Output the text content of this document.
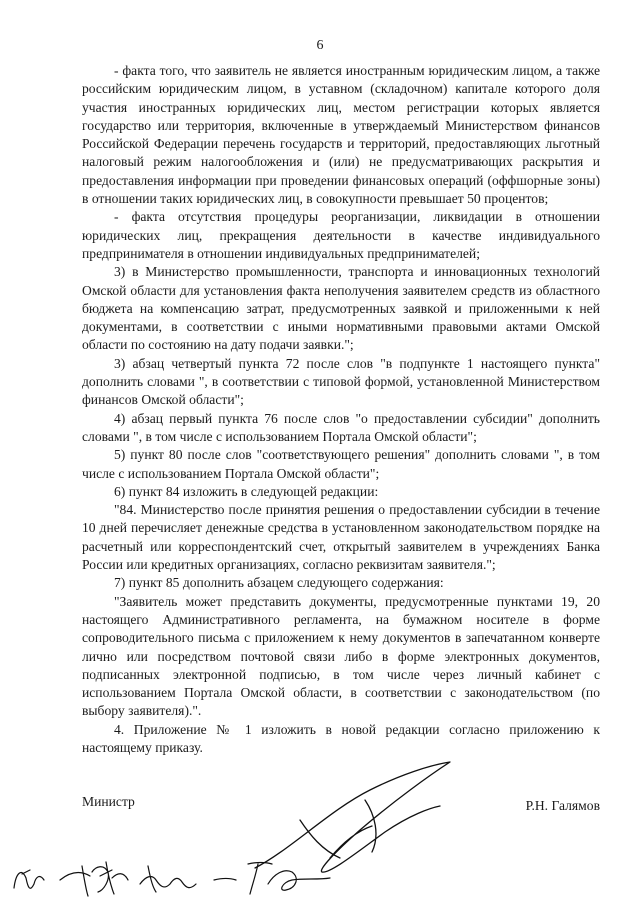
6

- факта того, что заявитель не является иностранным юридическим лицом, а также российским юридическим лицом, в уставном (складочном) капитале которого доля участия иностранных юридических лиц, местом регистрации которых является государство или территория, включенные в утверждаемый Министерством финансов Российской Федерации перечень государств и территорий, предоставляющих льготный налоговый режим налогообложения и (или) не предусматривающих раскрытия и предоставления информации при проведении финансовых операций (оффшорные зоны) в отношении таких юридических лиц, в совокупности превышает 50 процентов;

- факта отсутствия процедуры реорганизации, ликвидации в отношении юридических лиц, прекращения деятельности в качестве индивидуального предпринимателя в отношении индивидуальных предпринимателей;

3) в Министерство промышленности, транспорта и инновационных технологий Омской области для установления факта неполучения заявителем средств из областного бюджета на компенсацию затрат, предусмотренных заявкой и приложенными к ней документами, в соответствии с иными нормативными правовыми актами Омской области по состоянию на дату подачи заявки.";

3) абзац четвертый пункта 72 после слов "в подпункте 1 настоящего пункта" дополнить словами ", в соответствии с типовой формой, установленной Министерством финансов Омской области";

4) абзац первый пункта 76 после слов "о предоставлении субсидии" дополнить словами ", в том числе с использованием Портала Омской области";

5) пункт 80 после слов "соответствующего решения" дополнить словами ", в том числе с использованием Портала Омской области";

6) пункт 84 изложить в следующей редакции:

"84. Министерство после принятия решения о предоставлении субсидии в течение 10 дней перечисляет денежные средства в установленном законодательством порядке на расчетный или корреспондентский счет, открытый заявителем в учреждениях Банка России или кредитных организациях, согласно реквизитам заявителя.";

7) пункт 85 дополнить абзацем следующего содержания:

"Заявитель может представить документы, предусмотренные пунктами 19, 20 настоящего Административного регламента, на бумажном носителе в форме сопроводительного письма с приложением к нему документов в запечатанном конверте лично или посредством почтовой связи либо в форме электронных документов, подписанных электронной подписью, в том числе через личный кабинет с использованием Портала Омской области, в соответствии с законодательством (по выбору заявителя).".

4. Приложение № 1 изложить в новой редакции согласно приложению к настоящему приказу.

Министр	Р.Н. Галямов
